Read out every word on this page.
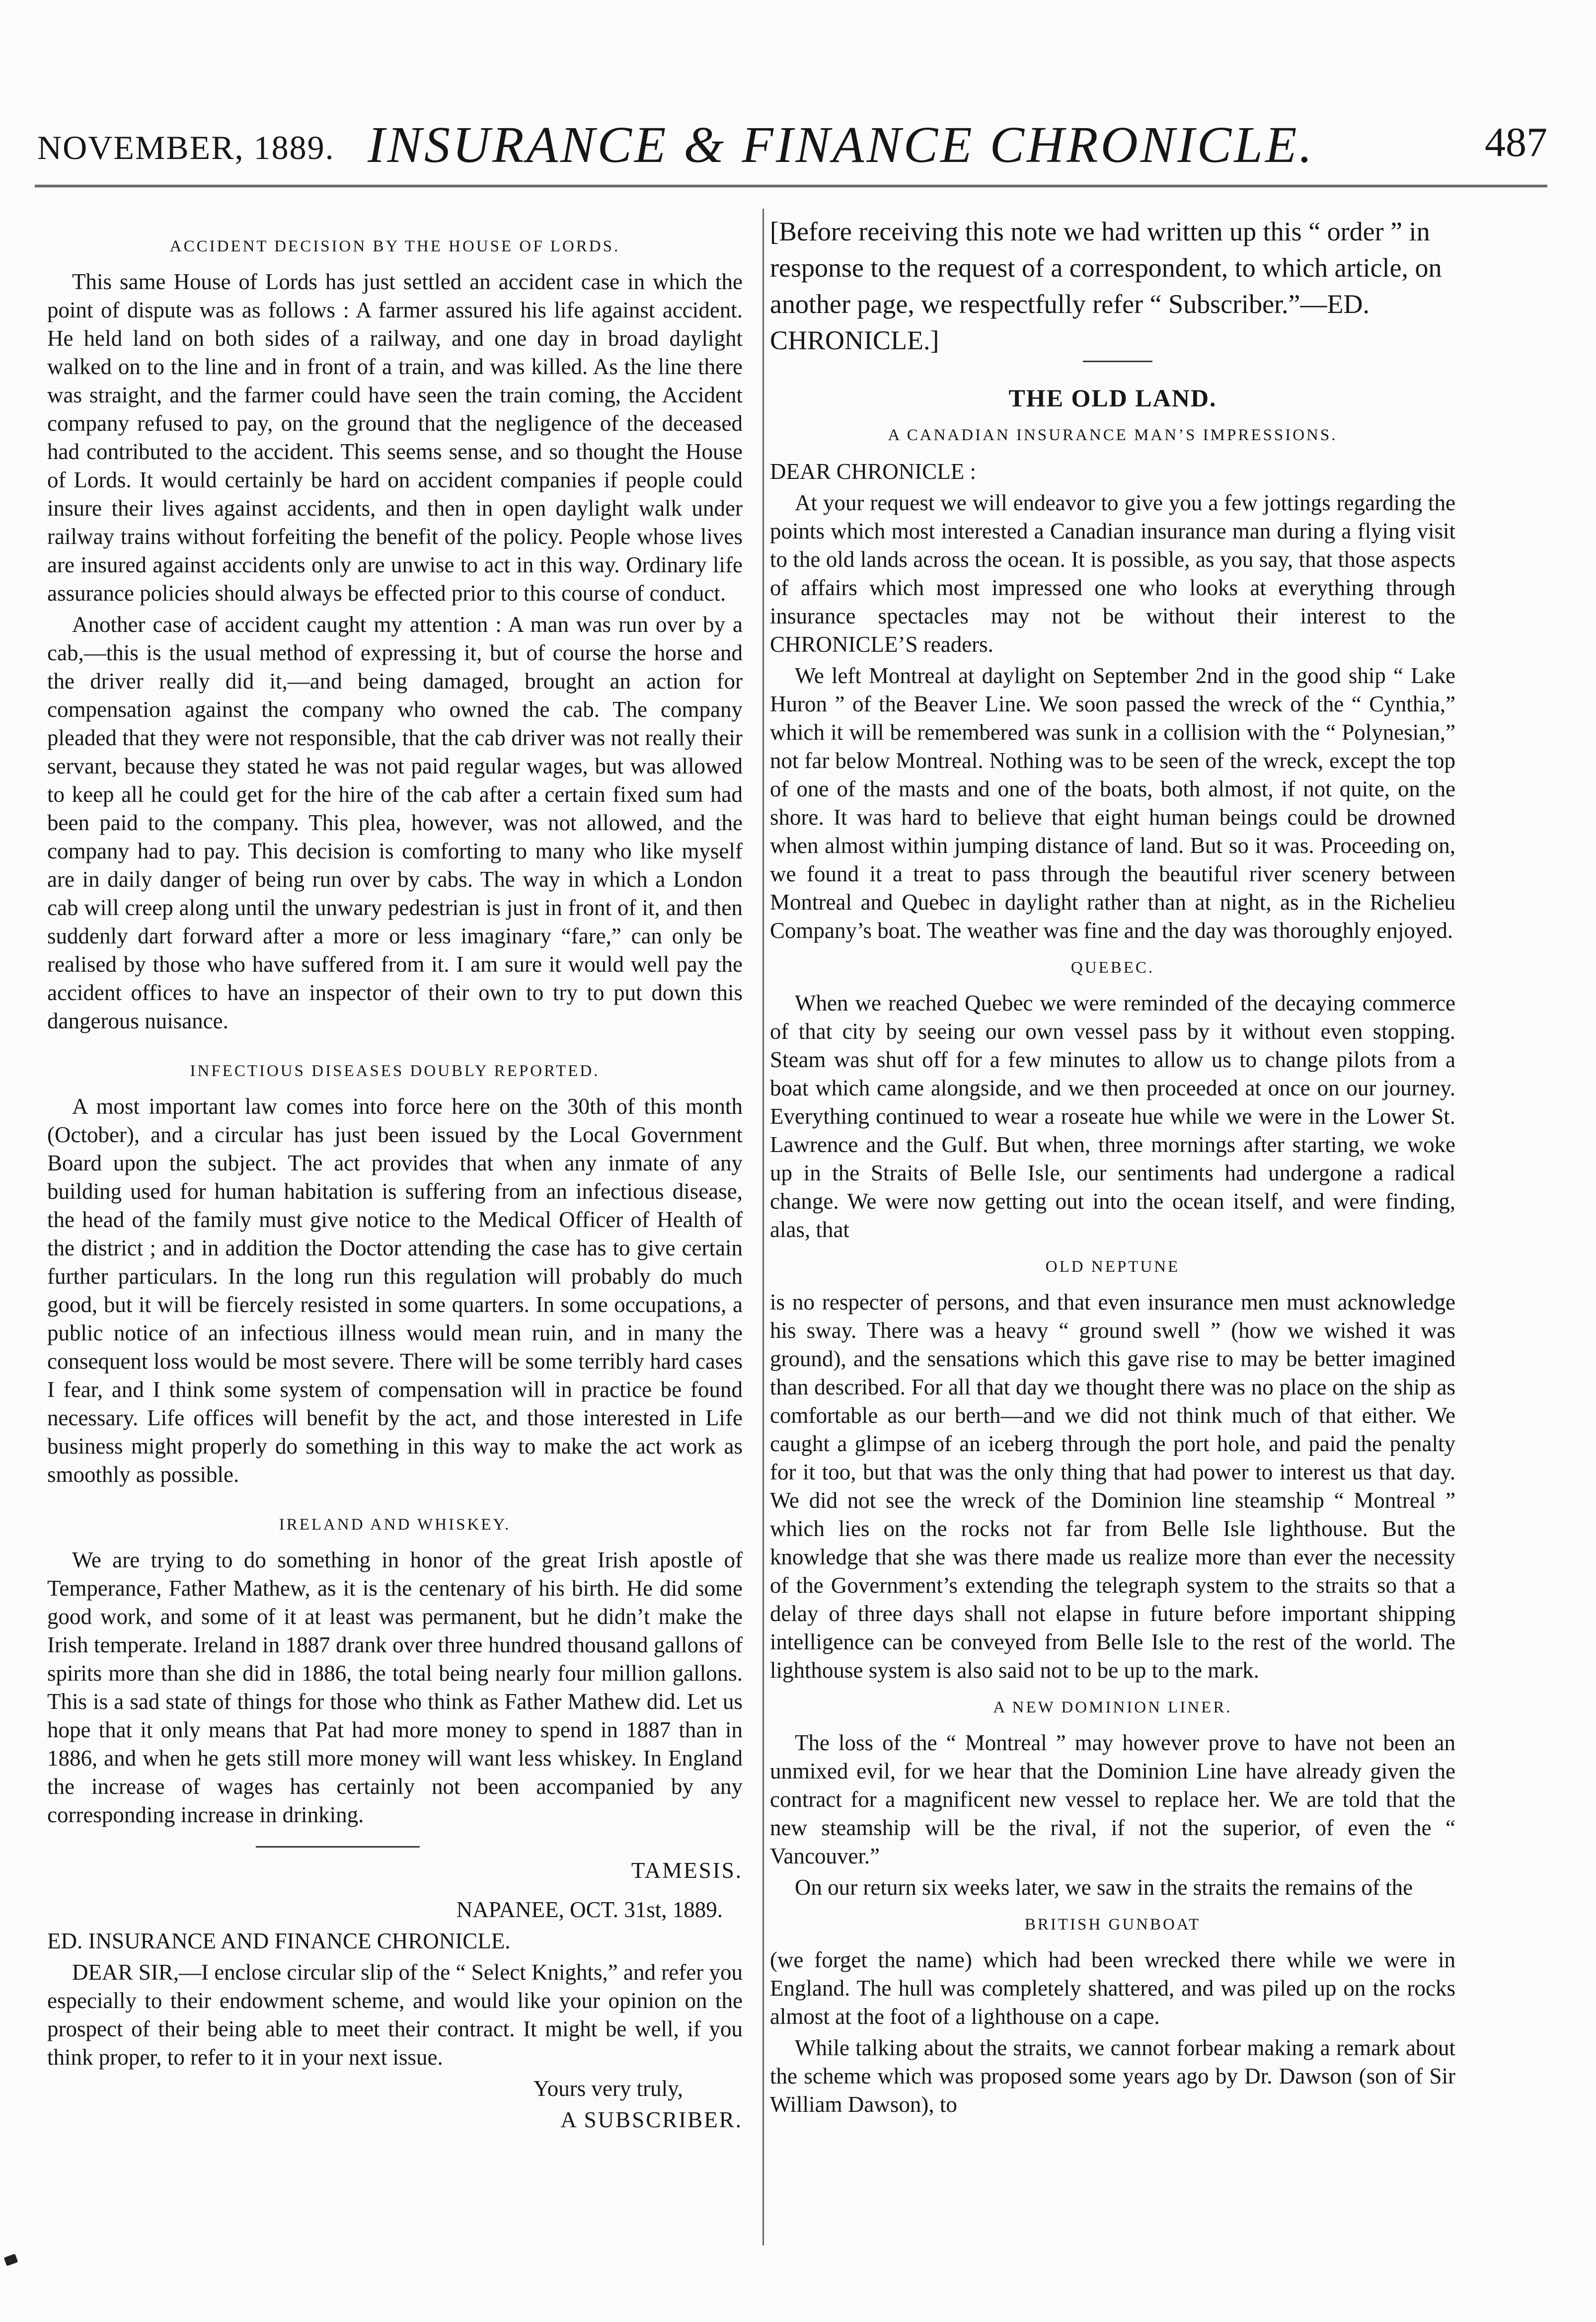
NOVEMBER, 1889. INSURANCE & FINANCE CHRONICLE.	487
ACCIDENT DECISION BY THE HOUSE OF LORDS.

This same House of Lords has just settled an accident case in which the point of dispute was as follows : A farmer assured his life against accident. He held land on both sides of a railway, and one day in broad daylight walked on to the line and in front of a train, and was killed. As the line there was straight, and the farmer could have seen the train coming, the Accident company refused to pay, on the ground that the negligence of the deceased had contributed to the accident. This seems sense, and so thought the House of Lords. It would certainly be hard on accident companies if people could insure their lives against accidents, and then in open daylight walk under railway trains without forfeiting the benefit of the policy. People whose lives are insured against accidents only are unwise to act in this way. Ordinary life assurance policies should always be effected prior to this course of conduct.

Another case of accident caught my attention : A man was run over by a cab,—this is the usual method of expressing it, but of course the horse and the driver really did it,—and being damaged, brought an action for compensation against the company who owned the cab. The company pleaded that they were not responsible, that the cab driver was not really their servant, because they stated he was not paid regular wages, but was allowed to keep all he could get for the hire of the cab after a certain fixed sum had been paid to the company. This plea, however, was not allowed, and the company had to pay. This decision is comforting to many who like myself are in daily danger of being run over by cabs. The way in which a London cab will creep along until the unwary pedestrian is just in front of it, and then suddenly dart forward after a more or less imaginary “fare,” can only be realised by those who have suffered from it. I am sure it would well pay the accident offices to have an inspector of their own to try to put down this dangerous nuisance.

INFECTIOUS DISEASES DOUBLY REPORTED.

A most important law comes into force here on the 30th of this month (October), and a circular has just been issued by the Local Government Board upon the subject. The act provides that when any inmate of any building used for human habitation is suffering from an infectious disease, the head of the family must give notice to the Medical Officer of Health of the district ; and in addition the Doctor attending the case has to give certain further particulars. In the long run this regulation will probably do much good, but it will be fiercely resisted in some quarters. In some occupations, a public notice of an infectious illness would mean ruin, and in many the consequent loss would be most severe. There will be some terribly hard cases I fear, and I think some system of compensation will in practice be found necessary. Life offices will benefit by the act, and those interested in Life business might properly do something in this way to make the act work as smoothly as possible.

IRELAND AND WHISKEY.

We are trying to do something in honor of the great Irish apostle of Temperance, Father Mathew, as it is the centenary of his birth. He did some good work, and some of it at least was permanent, but he didn’t make the Irish temperate. Ireland in 1887 drank over three hundred thousand gallons of spirits more than she did in 1886, the total being nearly four million gallons. This is a sad state of things for those who think as Father Mathew did. Let us hope that it only means that Pat had more money to spend in 1887 than in 1886, and when he gets still more money will want less whiskey. In England the increase of wages has certainly not been accompanied by any corresponding increase in drinking.

TAMESIS.

NAPANEE, OCT. 31st, 1889.

ED. INSURANCE AND FINANCE CHRONICLE.

DEAR SIR,—I enclose circular slip of the “ Select Knights,” and refer you especially to their endowment scheme, and would like your opinion on the prospect of their being able to meet their contract. It might be well, if you think proper, to refer to it in your next issue.

Yours very truly,

A SUBSCRIBER.

[Before receiving this note we had written up this “ order ” in response to the request of a correspondent, to which article, on another page, we respectfully refer “ Subscriber.”—ED. CHRONICLE.]

THE OLD LAND.
A CANADIAN INSURANCE MAN’S IMPRESSIONS.

DEAR CHRONICLE :

At your request we will endeavor to give you a few jottings regarding the points which most interested a Canadian insurance man during a flying visit to the old lands across the ocean. It is possible, as you say, that those aspects of affairs which most impressed one who looks at everything through insurance spectacles may not be without their interest to the CHRONICLE’S readers.

We left Montreal at daylight on September 2nd in the good ship “ Lake Huron ” of the Beaver Line. We soon passed the wreck of the “ Cynthia,” which it will be remembered was sunk in a collision with the “ Polynesian,” not far below Montreal. Nothing was to be seen of the wreck, except the top of one of the masts and one of the boats, both almost, if not quite, on the shore. It was hard to believe that eight human beings could be drowned when almost within jumping distance of land. But so it was. Proceeding on, we found it a treat to pass through the beautiful river scenery between Montreal and Quebec in daylight rather than at night, as in the Richelieu Company’s boat. The weather was fine and the day was thoroughly enjoyed.

QUEBEC.

When we reached Quebec we were reminded of the decaying commerce of that city by seeing our own vessel pass by it without even stopping. Steam was shut off for a few minutes to allow us to change pilots from a boat which came alongside, and we then proceeded at once on our journey. Everything continued to wear a roseate hue while we were in the Lower St. Lawrence and the Gulf. But when, three mornings after starting, we woke up in the Straits of Belle Isle, our sentiments had undergone a radical change. We were now getting out into the ocean itself, and were finding, alas, that

OLD NEPTUNE

is no respecter of persons, and that even insurance men must acknowledge his sway. There was a heavy “ ground swell ” (how we wished it was ground), and the sensations which this gave rise to may be better imagined than described. For all that day we thought there was no place on the ship as comfortable as our berth—and we did not think much of that either. We caught a glimpse of an iceberg through the port hole, and paid the penalty for it too, but that was the only thing that had power to interest us that day. We did not see the wreck of the Dominion line steamship “ Montreal ” which lies on the rocks not far from Belle Isle lighthouse. But the knowledge that she was there made us realize more than ever the necessity of the Government’s extending the telegraph system to the straits so that a delay of three days shall not elapse in future before important shipping intelligence can be conveyed from Belle Isle to the rest of the world. The lighthouse system is also said not to be up to the mark.

A NEW DOMINION LINER.

The loss of the “ Montreal ” may however prove to have not been an unmixed evil, for we hear that the Dominion Line have already given the contract for a magnificent new vessel to replace her. We are told that the new steamship will be the rival, if not the superior, of even the “ Vancouver.”

On our return six weeks later, we saw in the straits the remains of the

BRITISH GUNBOAT

(we forget the name) which had been wrecked there while we were in England. The hull was completely shattered, and was piled up on the rocks almost at the foot of a lighthouse on a cape.

While talking about the straits, we cannot forbear making a remark about the scheme which was proposed some years ago by Dr. Dawson (son of Sir William Dawson), to
